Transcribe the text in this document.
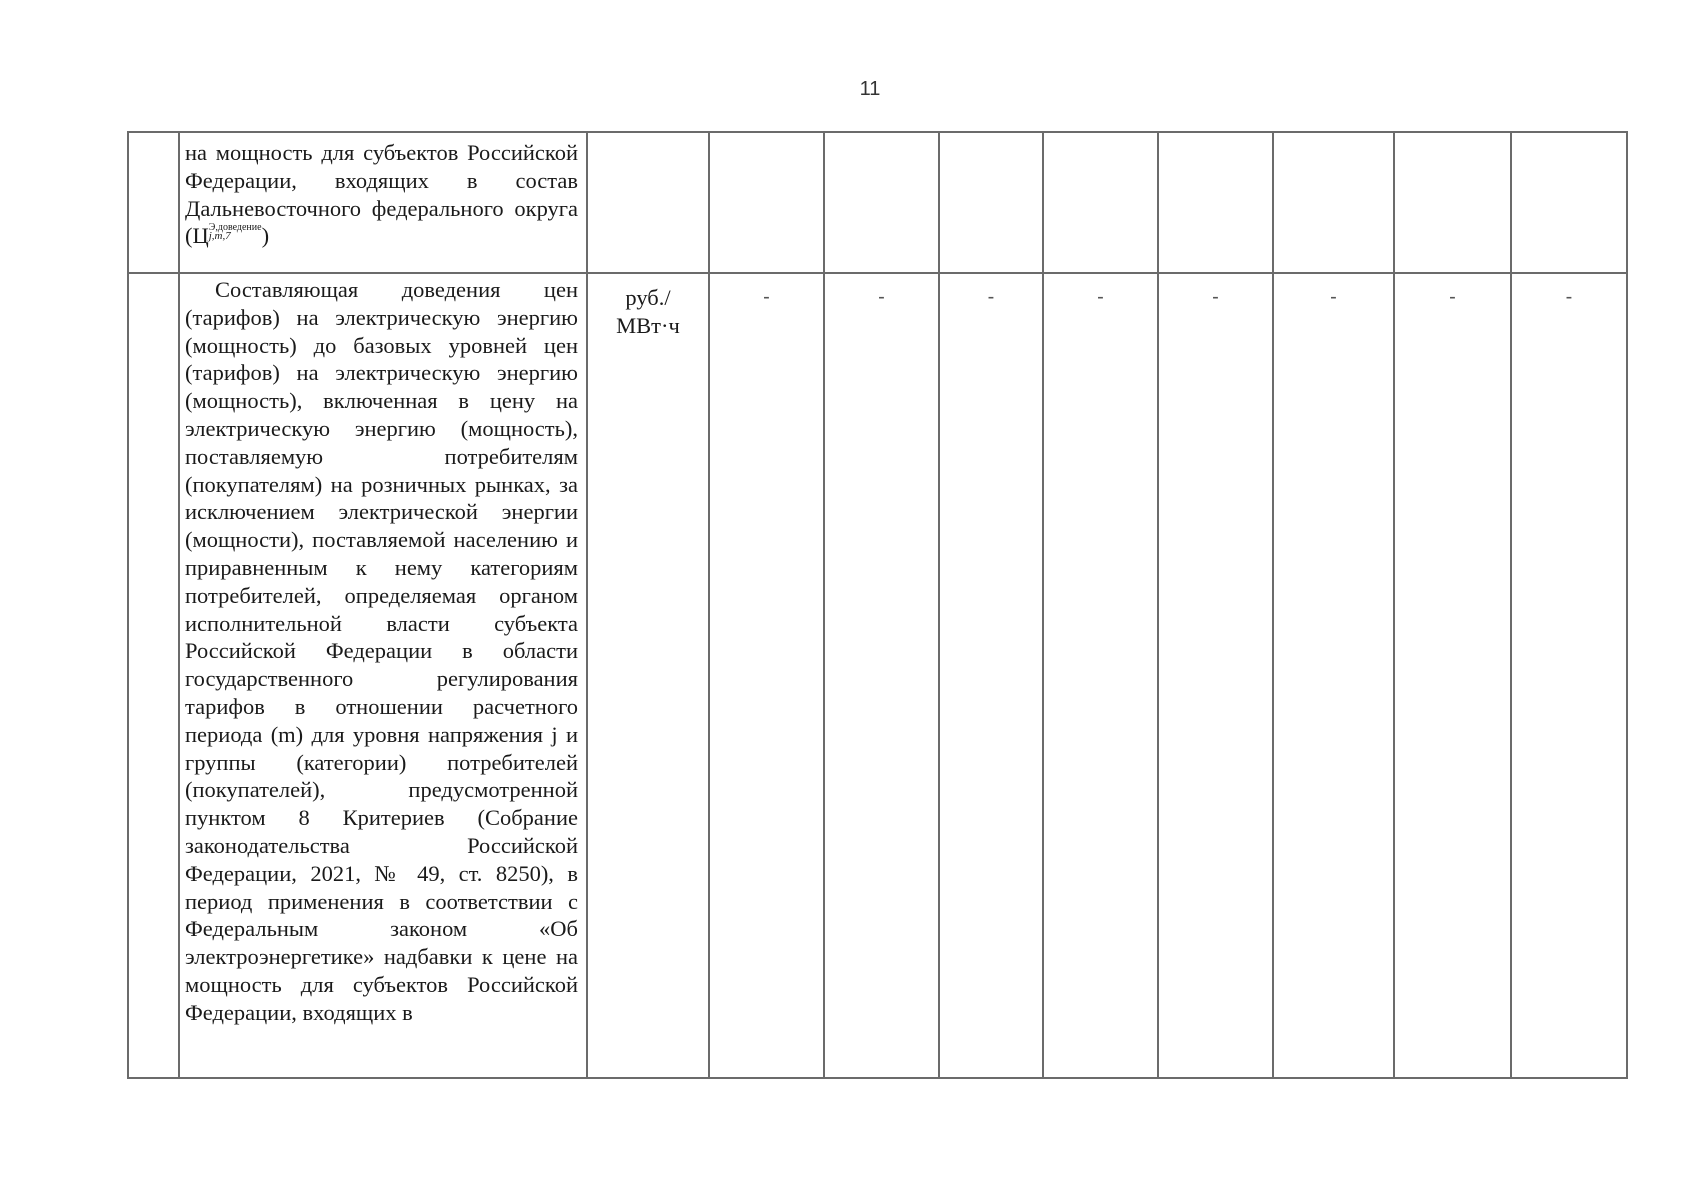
11

	на мощность для субъектов Российской Федерации, входящих в состав Дальневосточного федерального округа (Ц Э,доведение
j,m,7 )									

	Составляющая доведения цен (тарифов) на электрическую энергию (мощность) до базовых уровней цен (тарифов) на электрическую энергию (мощность), включенная в цену на электрическую энергию (мощность), поставляемую потребителям (покупателям) на розничных рынках, за исключением электрической энергии (мощности), поставляемой населению и приравненным к нему категориям потребителей, определяемая органом исполнительной власти субъекта Российской Федерации в области государственного регулирования тарифов в отношении расчетного периода (m) для уровня напряжения j и группы (категории) потребителей (покупателей), предусмотренной пунктом 8 Критериев (Собрание законодательства Российской Федерации, 2021, № 49, ст. 8250), в период применения в соответствии с Федеральным законом «Об электроэнергетике» надбавки к цене на мощность для субъектов Российской Федерации, входящих в	руб./
МВт·ч	-	-	-	-	-	-	-	-
